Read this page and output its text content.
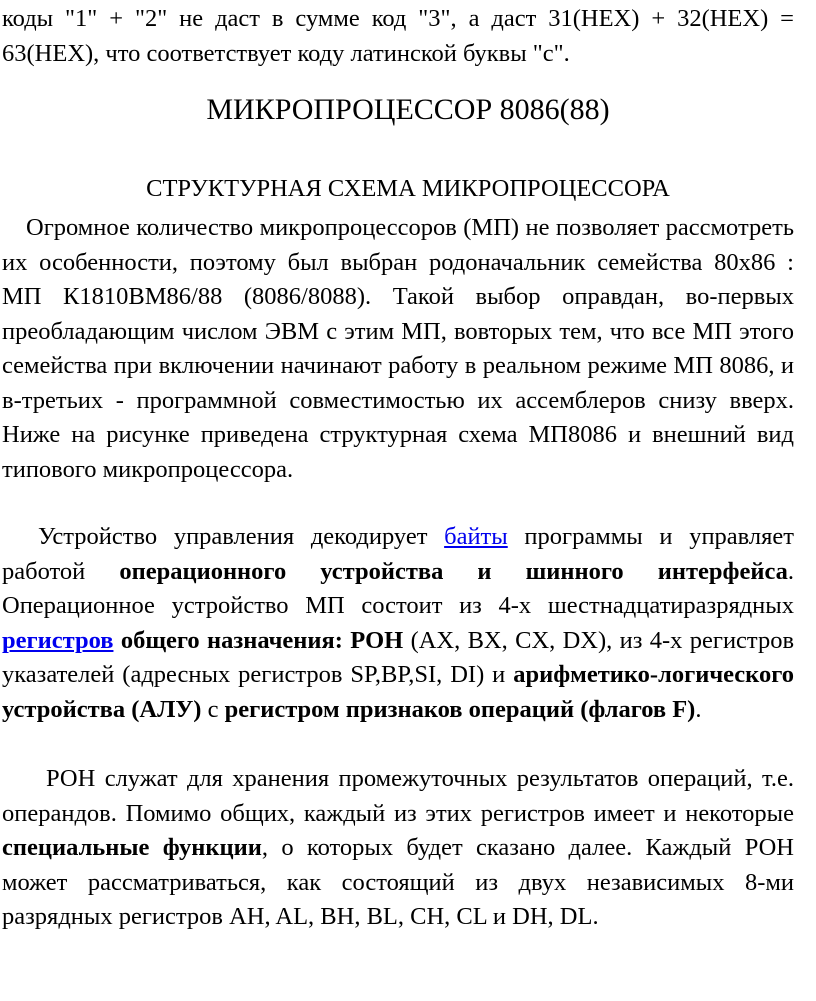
коды "1" + "2" не даст в сумме код "3", а даст 31(HEX) + 32(HEX) = 63(HEX), что соответствует коду латинской буквы "с".

МИКРОПРОЦЕССОР 8086(88)
СТРУКТУРНАЯ СХЕМА МИКРОПРОЦЕССОРА

Огромное количество микропроцессоров (МП) не позволяет рассмотреть их особенности, поэтому был выбран родоначальник семейства 80х86 : МП К1810ВМ86/88 (8086/8088). Такой выбор оправдан, во-первых преобладающим числом ЭВМ с этим МП, вовторых тем, что все МП этого семейства при включении начинают работу в реальном режиме МП 8086, и в-третьих - программной совместимостью их ассемблеров снизу вверх. Ниже на рисунке приведена структурная схема МП8086 и внешний вид типового микропроцессора.

Устройство управления декодирует байты программы и управляет работой операционного устройства и шинного интерфейса. Операционное устройство МП состоит из 4-х шестнадцатиразрядных регистров общего назначения: РОН (AX, BX, CX, DX), из 4-х регистров указателей (адресных регистров SP,BP,SI, DI) и арифметико-логического устройства (АЛУ) с регистром признаков операций (флагов F).

РОН служат для хранения промежуточных результатов операций, т.е. операндов. Помимо общих, каждый из этих регистров имеет и некоторые специальные функции, о которых будет сказано далее. Каждый РОН может рассматриваться, как состоящий из двух независимых 8-ми разрядных регистров AH, AL, BH, BL, CH, CL и DH, DL.
